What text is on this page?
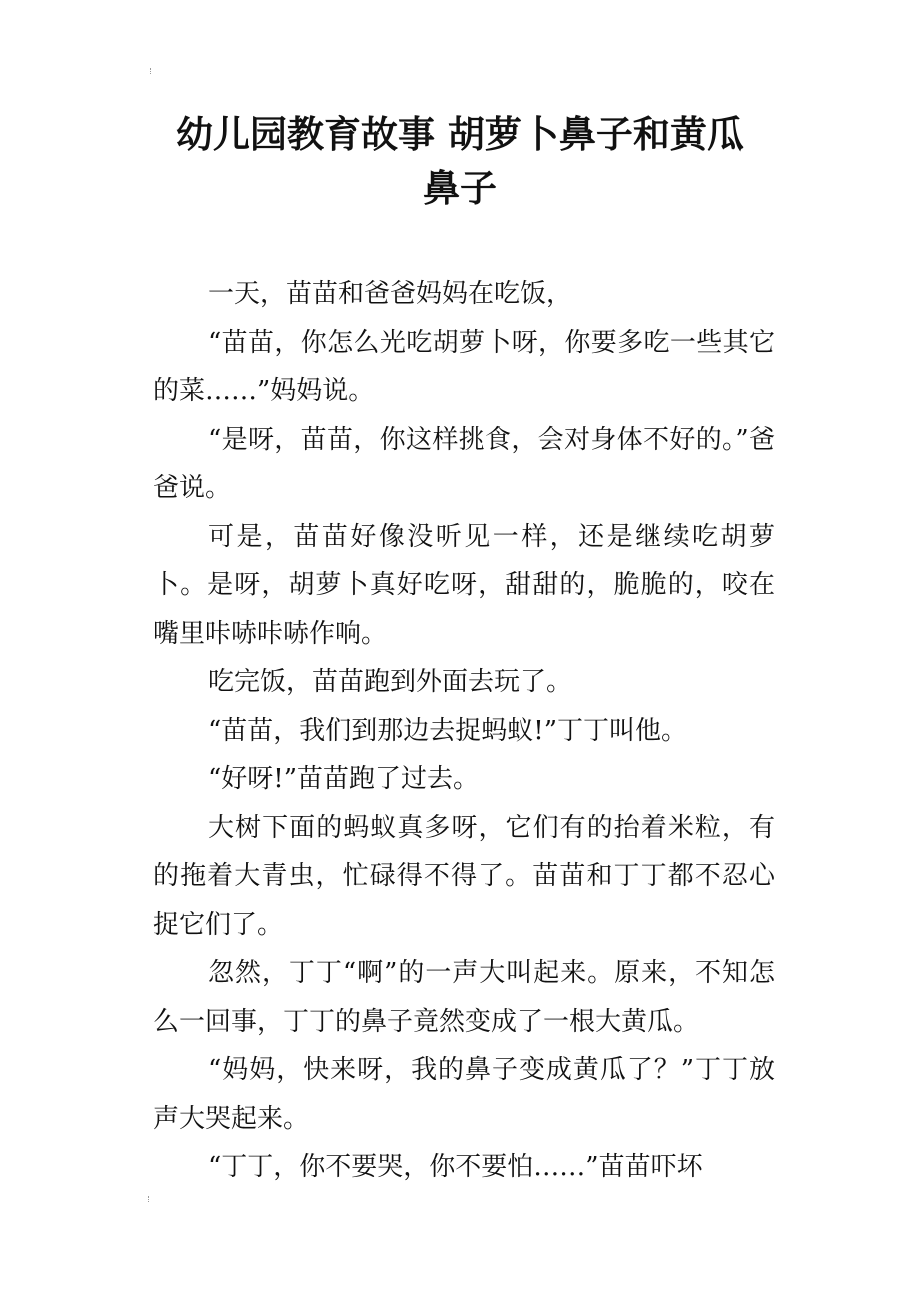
幼儿园教育故事 胡萝卜鼻子和黄瓜
鼻子

一天，苗苗和爸爸妈妈在吃饭，

“苗苗，你怎么光吃胡萝卜呀，你要多吃一些其它的菜……”妈妈说。

“是呀，苗苗，你这样挑食，会对身体不好的。”爸爸说。

可是，苗苗好像没听见一样，还是继续吃胡萝卜。是呀，胡萝卜真好吃呀，甜甜的，脆脆的，咬在嘴里咔哧咔哧作响。

吃完饭，苗苗跑到外面去玩了。

“苗苗，我们到那边去捉蚂蚁!”丁丁叫他。

“好呀!”苗苗跑了过去。

大树下面的蚂蚁真多呀，它们有的抬着米粒，有的拖着大青虫，忙碌得不得了。苗苗和丁丁都不忍心捉它们了。

忽然，丁丁“啊”的一声大叫起来。原来，不知怎么一回事，丁丁的鼻子竟然变成了一根大黄瓜。

“妈妈，快来呀，我的鼻子变成黄瓜了？”丁丁放声大哭起来。

“丁丁，你不要哭，你不要怕……”苗苗吓坏
